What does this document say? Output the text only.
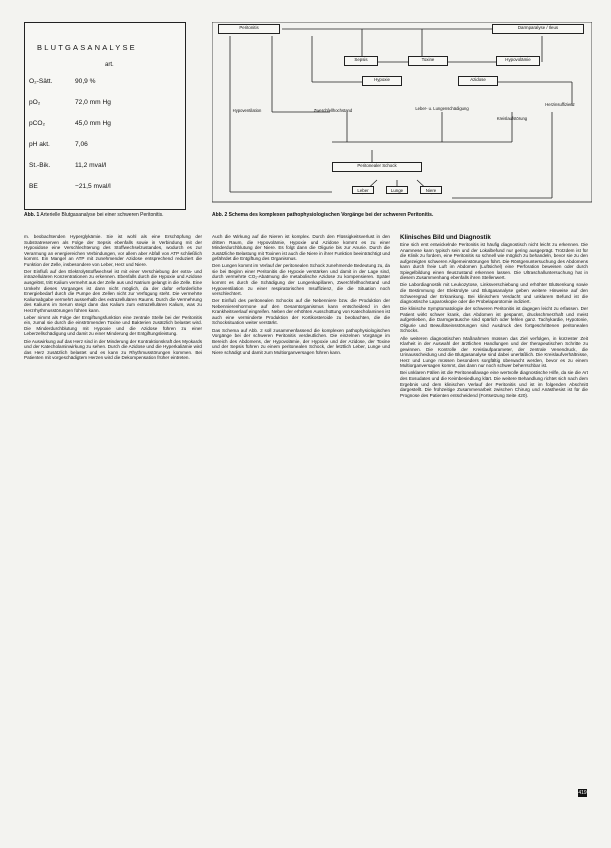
BLUTGASANALYSE
art.
O₂-Sätt.	90,9 %
pO₂	72,0 mm Hg
pCO₂	45,0 mm Hg
pH akt.	7,06
St.-Bik.	11,2 mval/l
BE	−21,5 mval/l
Abb. 1 Arterielle Blutgasanalyse bei einer schweren Peritonitis.
Peritonitis	Darmparalyse / Ileus
Sepsis	Toxine	Hypovolämie
Hypoxie	Azidose
Zwerchfellhochstand
Hypoventilation	Leber- u. Lungenschädigung
Herzinsuffizienz
Kreislaufstörung
Peritonealer Schock
Leber	Lunge	Niere
Abb. 2 Schema des komplexen pathophysiologischen Vorgänge bei der schweren Peritonitis.

m. beobachtenden Hyperglykämie. Sie ist wohl als eine Erschöpfung der Substratreserven als Folge der Sepsis ebenfalls sowie in Verbindung mit der Hypoxidose eine Verschlechterung des Stoffwechselzustandes, wodurch es zur Verarmung an energiereichen Verbindungen, vor allem aber Abfall von ATP schließlich kommt. Ein Mangel an ATP mit zunehmender Azidose entsprechend reduziert die Funktion der Zelle, insbesondere von Leber, Herz und Niere.

Der Einfluß auf den Elektrolytstoffwechsel ist mit einer Verschiebung der extra- und intrazellulären Konzentrationen zu erkennen. Ebenfalls durch die Hypoxie und Azidose ausgelöst, tritt Kalium vermehrt aus der Zelle aus und Natrium gelangt in die Zelle. Eine Umkehr dieses Vorganges ist dann nicht möglich, da der dafür erforderliche Energiebedarf durch die Pumpe den Zellen nicht zur Verfügung steht. Die vermehrte Kaliumabgabe vermehrt ausserhalb des extrazellulären Raums. Durch die Vermehrung des Kaliums im Serum steigt dann das Kalium zum extrazellulären Kalium, was zu Herzrhythmusstörungen führen kann.

Leber nimmt als Folge der Entgiftungsfunktion eine zentrale Stelle bei der Peritonitis ein, zumal sie durch die einströmenden Toxine und Bakterien zusätzlich belastet wird. Die Minderdurchblutung mit Hypoxie und die Azidose führen zu einer Leberzellschädigung und damit zu einer Minderung der Entgiftungsleistung.

Die Auswirkung auf das Herz sind in der Minderung der Kontraktionskraft des Myokards und der Katecholaminwirkung zu sehen. Durch die Azidose und die Hyperkaliämie wird das Herz zusätzlich belastet und es kann zu Rhythmusstörungen kommen. Bei Patienten mit vorgeschädigtem Herzen wird die Dekompensation früher eintreten.

Auch die Wirkung auf die Nieren ist komplex. Durch den Flüssigkeitsverlust in den dritten Raum, die Hypovolämie, Hypoxie und Azidose kommt es zu einer Minderdurchblutung der Niere. Es folgt dann die Oligurie bis zur Anurie. Durch die zusätzliche Belastung mit Toxinen ist auch die Niere in ihrer Funktion beeinträchtigt und gefährdet die Entgiftung des Organismus.

Den Lungen kommt im Verlauf der peritonealen Schock zunehmende Bedeutung zu, da sie bei Beginn einer Peritonitis die Hypoxie verstärken und damit in der Lage sind, durch vermehrte CO₂-Abatmung die metabolische Azidose zu kompensieren. Später kommt es durch die Schädigung der Lungenkapillaren, Zwerchfellhochstand und Hypoventilation zu einer respiratorischen Insuffizienz, die die Situation noch verschlechtert.

Der Einfluß des peritonealen Schocks auf die Nebenniere bzw. die Produktion der Nebennierenhormone auf den Gesamtorganismus kann entscheidend in den Krankheitsverlauf eingreifen. Neben der erhöhten Ausschüttung von Katecholaminen ist auch eine verminderte Produktion der Kortikosteroide zu beobachten, die die Schocksituation weiter verstärkt.

Das Schema auf Abb. 2 soll zusammenfassend die komplexen pathophysiologischen Vorgänge bei der schweren Peritonitis verdeutlichen. Die einzelnen Vorgänge im Bereich des Abdomens, der Hypovolämie, der Hypoxie und der Azidose, der Toxine und der Sepsis führen zu einem peritonealen Schock, der letztlich Leber, Lunge und Niere schädigt und damit zum Multiorganversagen führen kann.

Klinisches Bild und Diagnostik

Eine sich erst entwickelnde Peritonitis ist häufig diagnostisch nicht leicht zu erkennen. Die Anamnese kann typisch sein und der Lokalbefund nur gering ausgeprägt. Trotzdem ist für die Klinik zu fordern, eine Peritonitis so schnell wie möglich zu behandeln, bevor sie zu den aufgezeigten schweren Allgemeinstörungen führt. Die Röntgenuntersuchung des Abdomens kann durch freie Luft im Abdomen (Luftsichel) eine Perforation beweisen oder durch Spiegelbildung einen Ileuszustand erkennen lassen. Die Ultraschalluntersuchung hat in diesem Zusammenhang ebenfalls ihren Stellenwert.

Die Labordiagnostik mit Leukozytose, Linksverschiebung und erhöhter Blutsenkung sowie die Bestimmung der Elektrolyte und Blutgasanalyse geben weitere Hinweise auf den Schweregrad der Erkrankung. Bei klinischem Verdacht und unklarem Befund ist die diagnostische Laparoskopie oder die Probelaparotomie indiziert.

Die klinische Symptomatologie der schweren Peritonitis ist dagegen leicht zu erfassen. Der Patient wirkt schwer krank, das Abdomen ist gespannt, druckschmerzhaft und meist aufgetrieben, die Darmgeräusche sind spärlich oder fehlen ganz. Tachykardie, Hypotonie, Oligurie und Bewußtseinsstörungen sind Ausdruck des fortgeschrittenen peritonealen Schocks.

Alle weiteren diagnostischen Maßnahmen müssen das Ziel verfolgen, in kürzester Zeit Klarheit in der Auswahl der ärztlichen Handlungen und der therapeutischen Schritte zu gewinnen. Die Kontrolle der Kreislaufparameter, der zentrale Venendruck, die Urinausscheidung und die Blutgasanalyse sind dabei unerläßlich. Die Kreislaufverhältnisse, Herz und Lunge müssen besonders sorgfältig überwacht werden, bevor es zu einem Multiorganversagen kommt, das dann nur noch schwer beherrschbar ist.

Bei unklaren Fällen ist die Peritoneallavage eine wertvolle diagnostische Hilfe, da sie die Art des Exsudates und die Keimbesiedlung klärt. Die weitere Behandlung richtet sich nach dem Ergebnis und dem klinischen Verlauf der Peritonitis und ist im folgenden Abschnitt dargestellt. Die frühzeitige Zusammenarbeit zwischen Chirurg und Anästhesist ist für die Prognose des Patienten entscheidend (Fortsetzung Seite 420).

419
